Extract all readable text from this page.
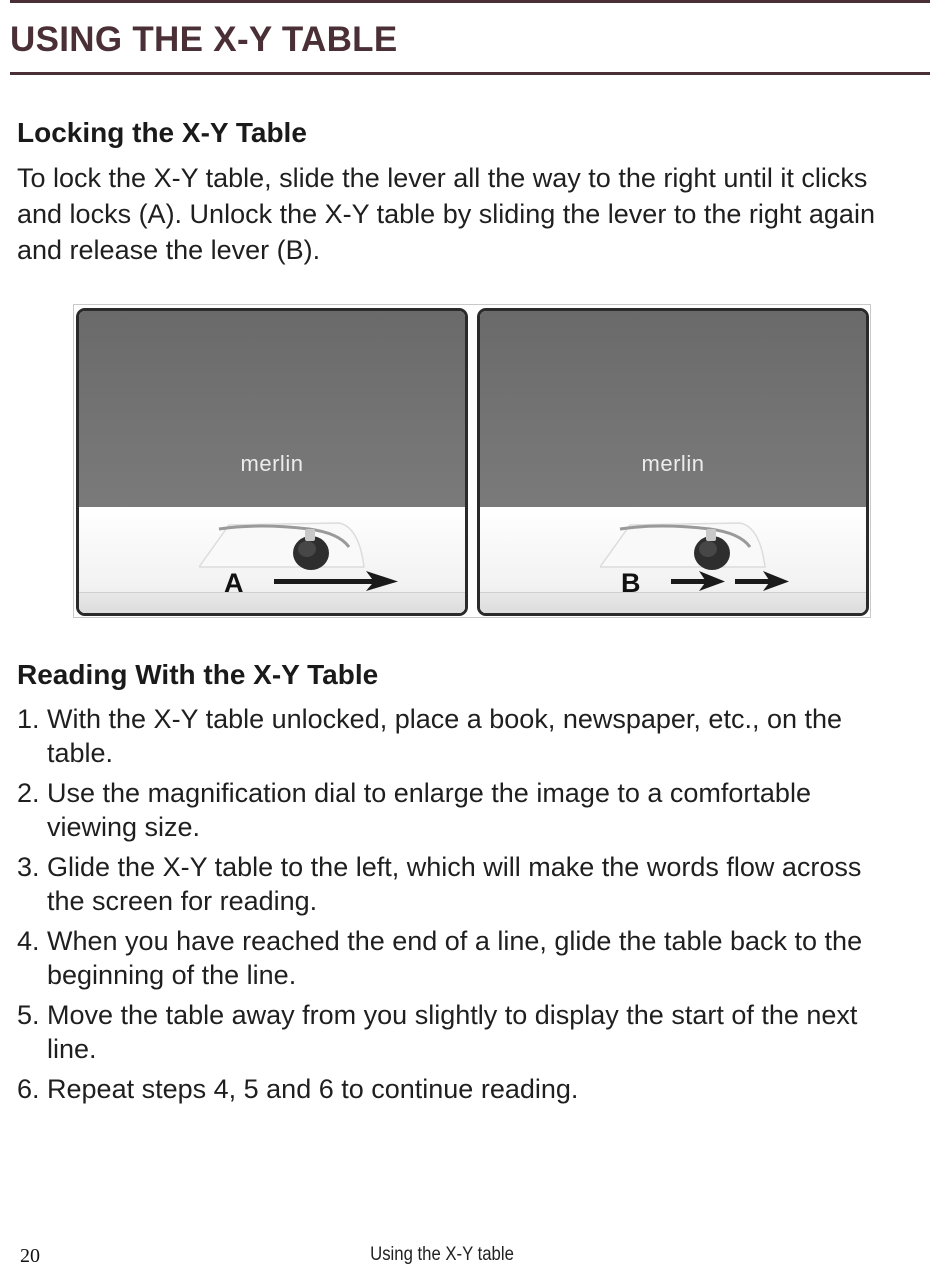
USING THE X-Y TABLE
Locking the X-Y Table

To lock the X-Y table, slide the lever all the way to the right until it clicks and locks (A). Unlock the X-Y table by sliding the lever to the right again and release the lever (B).

merlin
A
merlin
B
Reading With the X-Y Table
1. With the X-Y table unlocked, place a book, newspaper, etc., on the table.
2. Use the magnification dial to enlarge the image to a comfortable viewing size.
3. Glide the X-Y table to the left, which will make the words flow across the screen for reading.
4. When you have reached the end of a line, glide the table back to the beginning of the line.
5. Move the table away from you slightly to display the start of the next line.
6. Repeat steps 4, 5 and 6 to continue reading.
20	Using the X-Y table
